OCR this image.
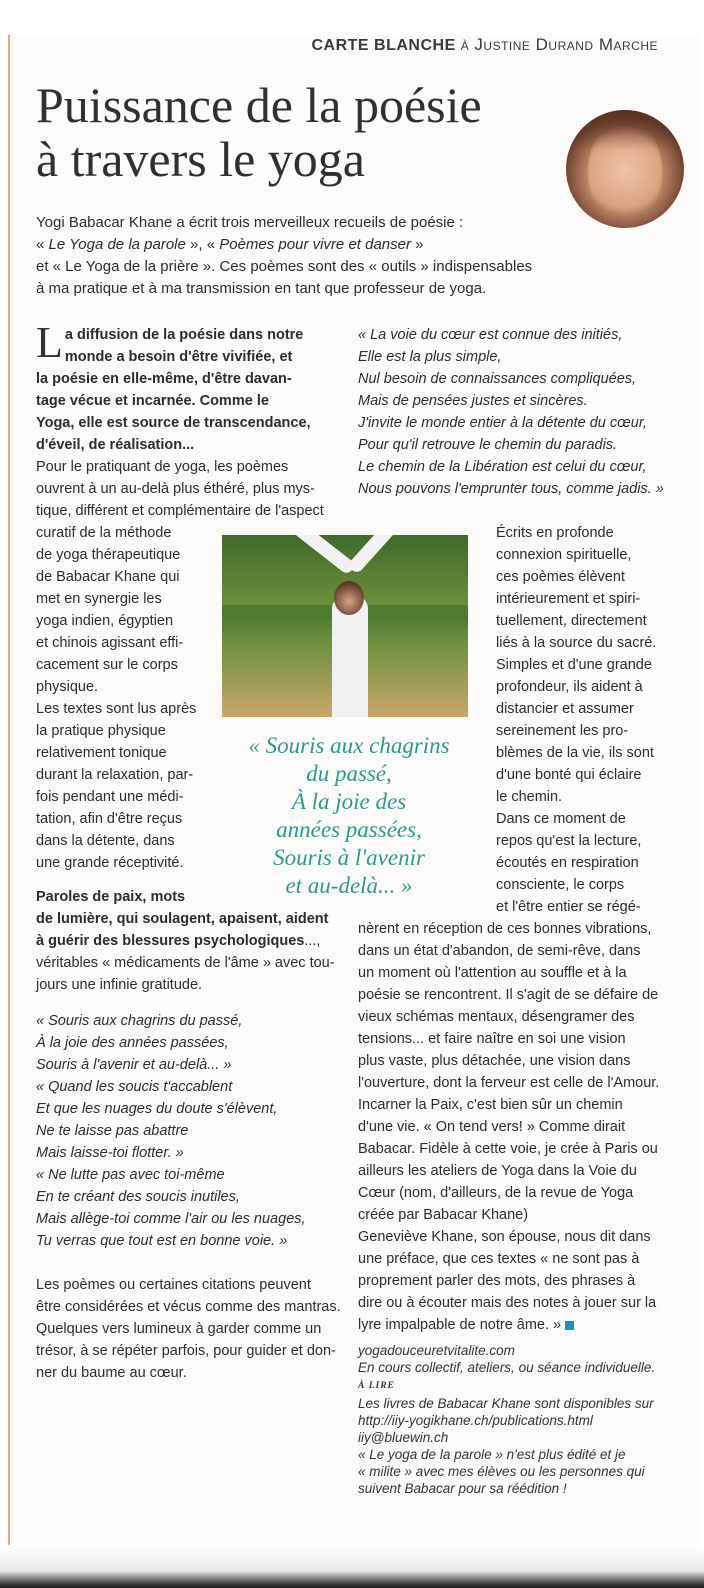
CARTE BLANCHE à Justine Durand Marche
Puissance de la poésie
à travers le yoga
Yogi Babacar Khane a écrit trois merveilleux recueils de poésie :
« Le Yoga de la parole », « Poèmes pour vivre et danser »
et « Le Yoga de la prière ». Ces poèmes sont des « outils » indispensables
à ma pratique et à ma transmission en tant que professeur de yoga.
L a diffusion de la poésie dans notre
monde a besoin d'être vivifiée, et
la poésie en elle-même, d'être davan-
tage vécue et incarnée. Comme le
Yoga, elle est source de transcendance,
d'éveil, de réalisation...
Pour le pratiquant de yoga, les poèmes
ouvrent à un au-delà plus éthéré, plus mys-
tique, différent et complémentaire de l'aspect
curatif de la méthode
de yoga thérapeutique
de Babacar Khane qui
met en synergie les
yoga indien, égyptien
et chinois agissant effi-
cacement sur le corps
physique.
Les textes sont lus après
la pratique physique
relativement tonique
durant la relaxation, par-
fois pendant une médi-
tation, afin d'être reçus
dans la détente, dans
une grande réceptivité.
Paroles de paix, mots
de lumière, qui soulagent, apaisent, aident
à guérir des blessures psychologiques...,
véritables « médicaments de l'âme » avec tou-
jours une infinie gratitude.
« Souris aux chagrins du passé,
À la joie des années passées,
Souris à l'avenir et au-delà... »
« Quand les soucis t'accablent
Et que les nuages du doute s'élèvent,
Ne te laisse pas abattre
Mais laisse-toi flotter. »
« Ne lutte pas avec toi-même
En te créant des soucis inutiles,
Mais allège-toi comme l'air ou les nuages,
Tu verras que tout est en bonne voie. »
Les poèmes ou certaines citations peuvent
être considérées et vécus comme des mantras.
Quelques vers lumineux à garder comme un
trésor, à se répéter parfois, pour guider et don-
ner du baume au cœur.
« La voie du cœur est connue des initiés,
Elle est la plus simple,
Nul besoin de connaissances compliquées,
Mais de pensées justes et sincères.
J'invite le monde entier à la détente du cœur,
Pour qu'il retrouve le chemin du paradis.
Le chemin de la Libération est celui du cœur,
Nous pouvons l'emprunter tous, comme jadis. »
« Souris aux chagrins
du passé,
À la joie des
années passées,
Souris à l'avenir
et au-delà... »
Écrits en profonde
connexion spirituelle,
ces poèmes élèvent
intérieurement et spiri-
tuellement, directement
liés à la source du sacré.
Simples et d'une grande
profondeur, ils aident à
distancier et assumer
sereinement les pro-
blèmes de la vie, ils sont
d'une bonté qui éclaire
le chemin.
Dans ce moment de
repos qu'est la lecture,
écoutés en respiration
consciente, le corps
et l'être entier se régé-
nèrent en réception de ces bonnes vibrations,
dans un état d'abandon, de semi-rêve, dans
un moment où l'attention au souffle et à la
poésie se rencontrent. Il s'agit de se défaire de
vieux schémas mentaux, désengramer des
tensions... et faire naître en soi une vision
plus vaste, plus détachée, une vision dans
l'ouverture, dont la ferveur est celle de l'Amour.
Incarner la Paix, c'est bien sûr un chemin
d'une vie. « On tend vers! » Comme dirait
Babacar. Fidèle à cette voie, je crée à Paris ou
ailleurs les ateliers de Yoga dans la Voie du
Cœur (nom, d'ailleurs, de la revue de Yoga
créée par Babacar Khane)
Geneviève Khane, son épouse, nous dit dans
une préface, que ces textes « ne sont pas à
proprement parler des mots, des phrases à
dire ou à écouter mais des notes à jouer sur la
lyre impalpable de notre âme. »
yogadouceuretvitalite.com
En cours collectif, ateliers, ou séance individuelle.
À LIRE
Les livres de Babacar Khane sont disponibles sur
http://iiy-yogikhane.ch/publications.html
iiy@bluewin.ch
« Le yoga de la parole » n'est plus édité et je
« milite » avec mes élèves ou les personnes qui
suivent Babacar pour sa réédition !
